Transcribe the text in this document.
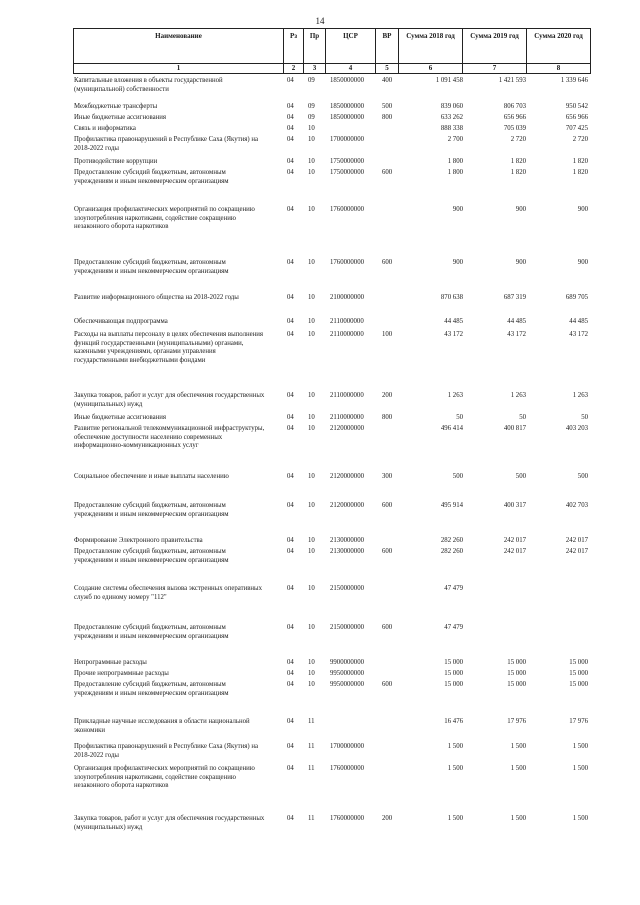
14
Наименование	Рз	Пр	ЦСР	ВР	Сумма 2018 год	Сумма 2019 год	Сумма 2020 год
1	2	3	4	5	6	7	8
Капитальные вложения в объекты государственной (муниципальной) собственности
04 09 1850000000	400	1 091 458	1 421 593	1 339 646
Межбюджетные трансферты	04 09 1850000000	500	839 060	806 703	950 542
Иные бюджетные ассигнования	04 09 1850000000	800	633 262	656 966	656 966
Связь и информатика	04 10	888 338	705 039	707 425
Профилактика правонарушений в Республике Саха (Якутия) на 2018-2022 годы
04 10 1700000000	2 700	2 720	2 720
Противодействие коррупции	04 10 1750000000	1 800	1 820	1 820
Предоставление субсидий бюджетным, автономным учреждениям и иным некоммерческим организациям
04 10 1750000000	600	1 800	1 820	1 820
Организация профилактических мероприятий по сокращению злоупотребления наркотиками, содействие сокращению незаконного оборота наркотиков
04 10 1760000000	900	900	900
Предоставление субсидий бюджетным, автономным учреждениям и иным некоммерческим организациям
04 10 1760000000	600	900	900	900
Развитие информационного общества на 2018-2022 годы	04 10 2100000000	870 638	687 319	689 705
Обеспечивающая подпрограмма	04 10 2110000000	44 485	44 485	44 485
Расходы на выплаты персоналу в целях обеспечения выполнения функций государственными (муниципальными) органами, казенными учреждениями, органами управления государственными внебюджетными фондами
04 10 2110000000	100	43 172	43 172	43 172
Закупка товаров, работ и услуг для обеспечения государственных (муниципальных) нужд
04 10 2110000000	200	1 263	1 263	1 263
Иные бюджетные ассигнования	04 10 2110000000	800	50	50	50
Развитие региональной телекоммуникационной инфраструктуры, обеспечение доступности населению современных информационно-коммуникационных услуг
04 10 2120000000	496 414	400 817	403 203
Социальное обеспечение и иные выплаты населению	04 10 2120000000	300	500	500	500
Предоставление субсидий бюджетным, автономным учреждениям и иным некоммерческим организациям
04 10 2120000000	600	495 914	400 317	402 703
Формирование Электронного правительства	04 10 2130000000	282 260	242 017	242 017
Предоставление субсидий бюджетным, автономным учреждениям и иным некоммерческим организациям
04 10 2130000000	600	282 260	242 017	242 017
Создание системы обеспечения вызова экстренных оперативных служб по единому номеру "112"
04 10 2150000000	47 479
Предоставление субсидий бюджетным, автономным учреждениям и иным некоммерческим организациям
04 10 2150000000	600	47 479
Непрограммные расходы	04 10 9900000000	15 000	15 000	15 000
Прочие непрограммные расходы	04 10 9950000000	15 000	15 000	15 000
Предоставление субсидий бюджетным, автономным учреждениям и иным некоммерческим организациям
04 10 9950000000	600	15 000	15 000	15 000
Прикладные научные исследования в области национальной экономики
04 11	16 476	17 976	17 976
Профилактика правонарушений в Республике Саха (Якутия) на 2018-2022 годы
04 11 1700000000	1 500	1 500	1 500
Организация профилактических мероприятий по сокращению злоупотребления наркотиками, содействие сокращению незаконного оборота наркотиков
04 11 1760000000	1 500	1 500	1 500
Закупка товаров, работ и услуг для обеспечения государственных (муниципальных) нужд
04 11 1760000000	200	1 500	1 500	1 500
